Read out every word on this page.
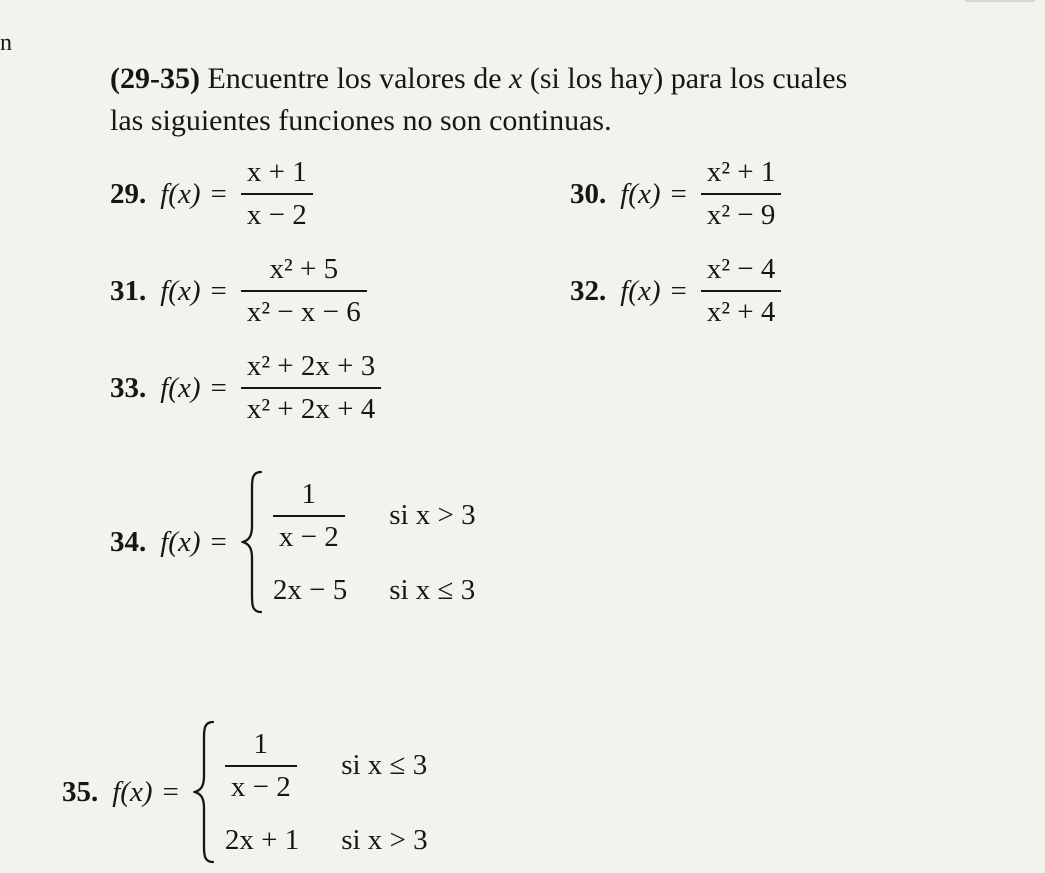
n
(29-35) Encuentre los valores de x (si los hay) para los cuales
las siguientes funciones no son continuas.
29. $f(x) = \frac{x + 1}{x - 2}$	30. $f(x) = \frac{\text{x² + 1}}{\text{x² − 9}}$
31. $f(x) = \frac{\text{x² + 5}}{\text{x² − x − 6}}$	32. $f(x) = \frac{\text{x² − 4}}{\text{x² + 4}}$
33. $f(x) = \frac{\text{x² + 2x + 3}}{\text{x² + 2x + 4}}$
34. $f(x) = \frac{1}{x - 2}$ si x > 3
2x − 5 si x ≤ 3
35. $f(x) = \frac{1}{x - 2}$ si x ≤ 3
2x + 1 si x > 3
